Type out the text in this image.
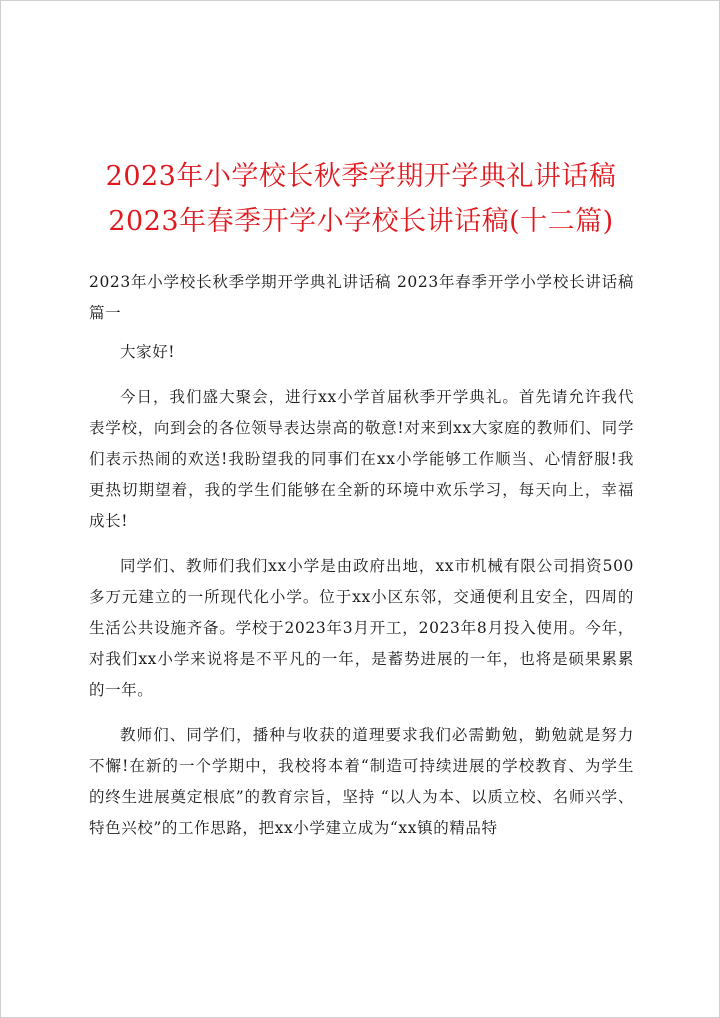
2023年小学校长秋季学期开学典礼讲话稿
2023年春季开学小学校长讲话稿(十二篇)

2023年小学校长秋季学期开学典礼讲话稿 2023年春季开学小学校长讲话稿篇一

大家好!

今日，我们盛大聚会，进行xx小学首届秋季开学典礼。首先请允许我代表学校，向到会的各位领导表达崇高的敬意!对来到xx大家庭的教师们、同学们表示热闹的欢送!我盼望我的同事们在xx小学能够工作顺当、心情舒服!我更热切期望着，我的学生们能够在全新的环境中欢乐学习，每天向上，幸福成长!

同学们、教师们我们xx小学是由政府出地，xx市机械有限公司捐资500多万元建立的一所现代化小学。位于xx小区东邻，交通便利且安全，四周的生活公共设施齐备。学校于2023年3月开工，2023年8月投入使用。今年，对我们xx小学来说将是不平凡的一年，是蓄势进展的一年，也将是硕果累累的一年。

教师们、同学们，播种与收获的道理要求我们必需勤勉，勤勉就是努力不懈!在新的一个学期中，我校将本着“制造可持续进展的学校教育、为学生的终生进展奠定根底”的教育宗旨，坚持 “以人为本、以质立校、名师兴学、特色兴校”的工作思路，把xx小学建立成为“xx镇的精品特
